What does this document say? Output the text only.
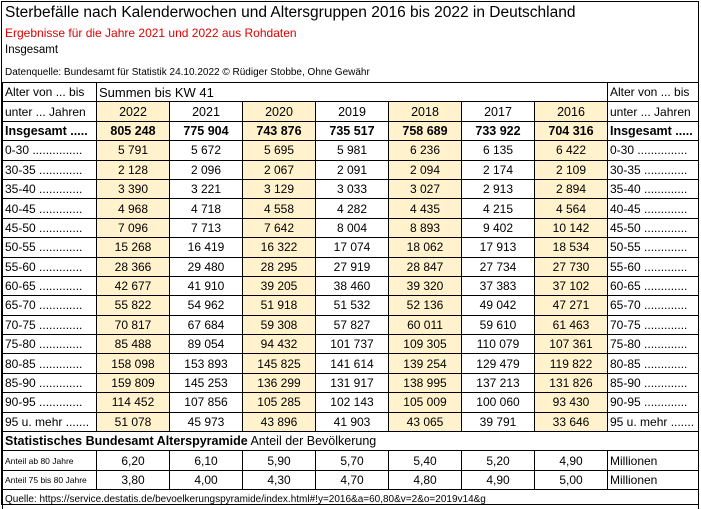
Sterbefälle nach Kalenderwochen und Altersgruppen 2016 bis 2022 in Deutschland
Ergebnisse für die Jahre 2021 und 2022 aus Rohdaten
Insgesamt
Datenquelle: Bundesamt für Statistik 24.10.2022 © Rüdiger Stobbe, Ohne Gewähr
Alter von ... bis	Summen bis KW 41							Alter von ... bis
unter ... Jahren	2022	2021	2020	2019	2018	2017	2016	unter ... Jahren
Insgesamt .....	805 248	775 904	743 876	735 517	758 689	733 922	704 316	Insgesamt .....
0-30 ...............	5 791	5 672	5 695	5 981	6 236	6 135	6 422	0-30 ...............
30-35 .............	2 128	2 096	2 067	2 091	2 094	2 174	2 109	30-35 .............
35-40 .............	3 390	3 221	3 129	3 033	3 027	2 913	2 894	35-40 .............
40-45 .............	4 968	4 718	4 558	4 282	4 435	4 215	4 564	40-45 .............
45-50 .............	7 096	7 713	7 642	8 004	8 893	9 402	10 142	45-50 .............
50-55 .............	15 268	16 419	16 322	17 074	18 062	17 913	18 534	50-55 .............
55-60 .............	28 366	29 480	28 295	27 919	28 847	27 734	27 730	55-60 .............
60-65 .............	42 677	41 910	39 205	38 460	39 320	37 383	37 102	60-65 .............
65-70 .............	55 822	54 962	51 918	51 532	52 136	49 042	47 271	65-70 .............
70-75 .............	70 817	67 684	59 308	57 827	60 011	59 610	61 463	70-75 .............
75-80 .............	85 488	89 054	94 432	101 737	109 305	110 079	107 361	75-80 .............
80-85 .............	158 098	153 893	145 825	141 614	139 254	129 479	119 822	80-85 .............
85-90 .............	159 809	145 253	136 299	131 917	138 995	137 213	131 826	85-90 .............
90-95 .............	114 452	107 856	105 285	102 143	105 009	100 060	93 430	90-95 .............
95 u. mehr .......	51 078	45 973	43 896	41 903	43 065	39 791	33 646	95 u. mehr .......
Statistisches Bundesamt Alterspyramide Anteil der Bevölkerung								
Anteil ab 80 Jahre	6,20	6,10	5,90	5,70	5,40	5,20	4,90	Millionen
Anteil 75 bis 80 Jahre	3,80	4,00	4,30	4,70	4,80	4,90	5,00	Millionen
Quelle: https://service.destatis.de/bevoelkerungspyramide/index.html#!y=2016&a=60,80&v=2&o=2019v14&g								
